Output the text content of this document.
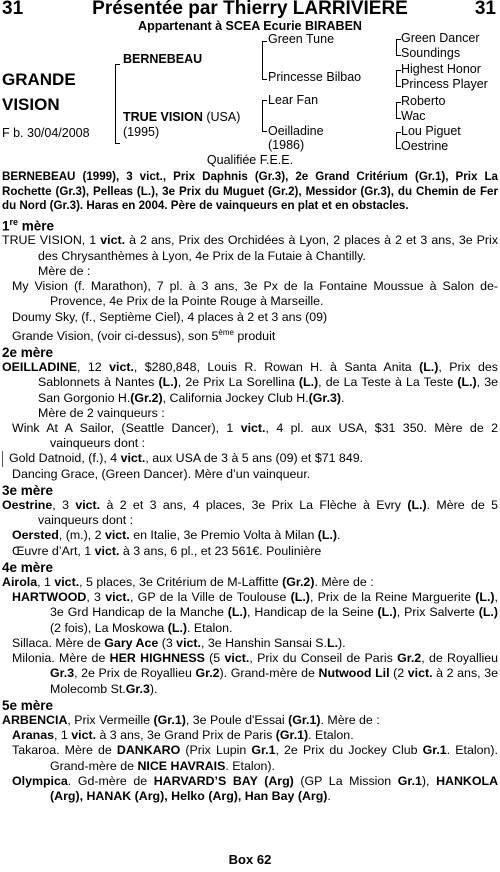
31	Présentée par Thierry LARRIVIERE	31
Appartenant à SCEA Ecurie BIRABEN
GRANDE
VISION
F b. 30/04/2008
BERNEBEAU
TRUE VISION (USA)
(1995)
Green Tune
Princesse Bilbao
Lear Fan
Oeilladine
(1986)
Green Dancer
Soundings
Highest Honor
Princess Player
Roberto
Wac
Lou Piguet
Oestrine
Qualifiée F.E.E.

BERNEBEAU (1999), 3 vict., Prix Daphnis (Gr.3), 2e Grand Critérium (Gr.1), Prix La Rochette (Gr.3), Pelleas (L.), 3e Prix du Muguet (Gr.2), Messidor (Gr.3), du Chemin de Fer du Nord (Gr.3). Haras en 2004. Père de vainqueurs en plat et en obstacles.

1re mère

TRUE VISION, 1 vict. à 2 ans, Prix des Orchidées à Lyon, 2 places à 2 et 3 ans, 3e Prix des Chrysanthèmes à Lyon, 4e Prix de la Futaie à Chantilly.

Mère de :

My Vision (f. Marathon), 7 pl. à 3 ans, 3e Px de la Fontaine Moussue à Salon de-Provence, 4e Prix de la Pointe Rouge à Marseille.

Doumy Sky, (f., Septième Ciel), 4 places à 2 et 3 ans (09)

Grande Vision, (voir ci-dessus), son 5ème produit

2e mère

OEILLADINE, 12 vict., $280,848, Louis R. Rowan H. à Santa Anita (L.), Prix des Sablonnets à Nantes (L.), 2e Prix La Sorellina (L.), de La Teste à La Teste (L.), 3e San Gorgonio H.(Gr.2), California Jockey Club H.(Gr.3).

Mère de 2 vainqueurs :

Wink At A Sailor, (Seattle Dancer), 1 vict., 4 pl. aux USA, $31 350. Mère de 2 vainqueurs dont :

Gold Datnoid, (f.), 4 vict., aux USA de 3 à 5 ans (09) et $71 849.

Dancing Grace, (Green Dancer). Mère d’un vainqueur.

3e mère

Oestrine, 3 vict. à 2 et 3 ans, 4 places, 3e Prix La Flèche à Evry (L.). Mère de 5 vainqueurs dont :

Oersted, (m.), 2 vict. en Italie, 3e Premio Volta à Milan (L.).

Œuvre d’Art, 1 vict. à 3 ans, 6 pl., et 23 561€. Poulinière

4e mère

Airola, 1 vict., 5 places, 3e Critérium de M-Laffitte (Gr.2). Mère de :

HARTWOOD, 3 vict., GP de la Ville de Toulouse (L.), Prix de la Reine Marguerite (L.), 3e Grd Handicap de la Manche (L.), Handicap de la Seine (L.), Prix Salverte (L.) (2 fois), La Moskowa (L.). Etalon.

Sillaca. Mère de Gary Ace (3 vict., 3e Hanshin Sansai S.L.).

Milonia. Mère de HER HIGHNESS (5 vict., Prix du Conseil de Paris Gr.2, de Royallieu Gr.3, 2e Prix de Royallieu Gr.2). Grand-mère de Nutwood Lil (2 vict. à 2 ans, 3e Molecomb St.Gr.3).

5e mère

ARBENCIA, Prix Vermeille (Gr.1), 3e Poule d'Essai (Gr.1). Mère de :

Aranas, 1 vict. à 3 ans, 3e Grand Prix de Paris (Gr.1). Etalon.

Takaroa. Mère de DANKARO (Prix Lupin Gr.1, 2e Prix du Jockey Club Gr.1. Etalon). Grand-mère de NICE HAVRAIS. Etalon).

Olympica. Gd-mère de HARVARD’S BAY (Arg) (GP La Mission Gr.1), HANKOLA (Arg), HANAK (Arg), Helko (Arg), Han Bay (Arg).

Box 62
